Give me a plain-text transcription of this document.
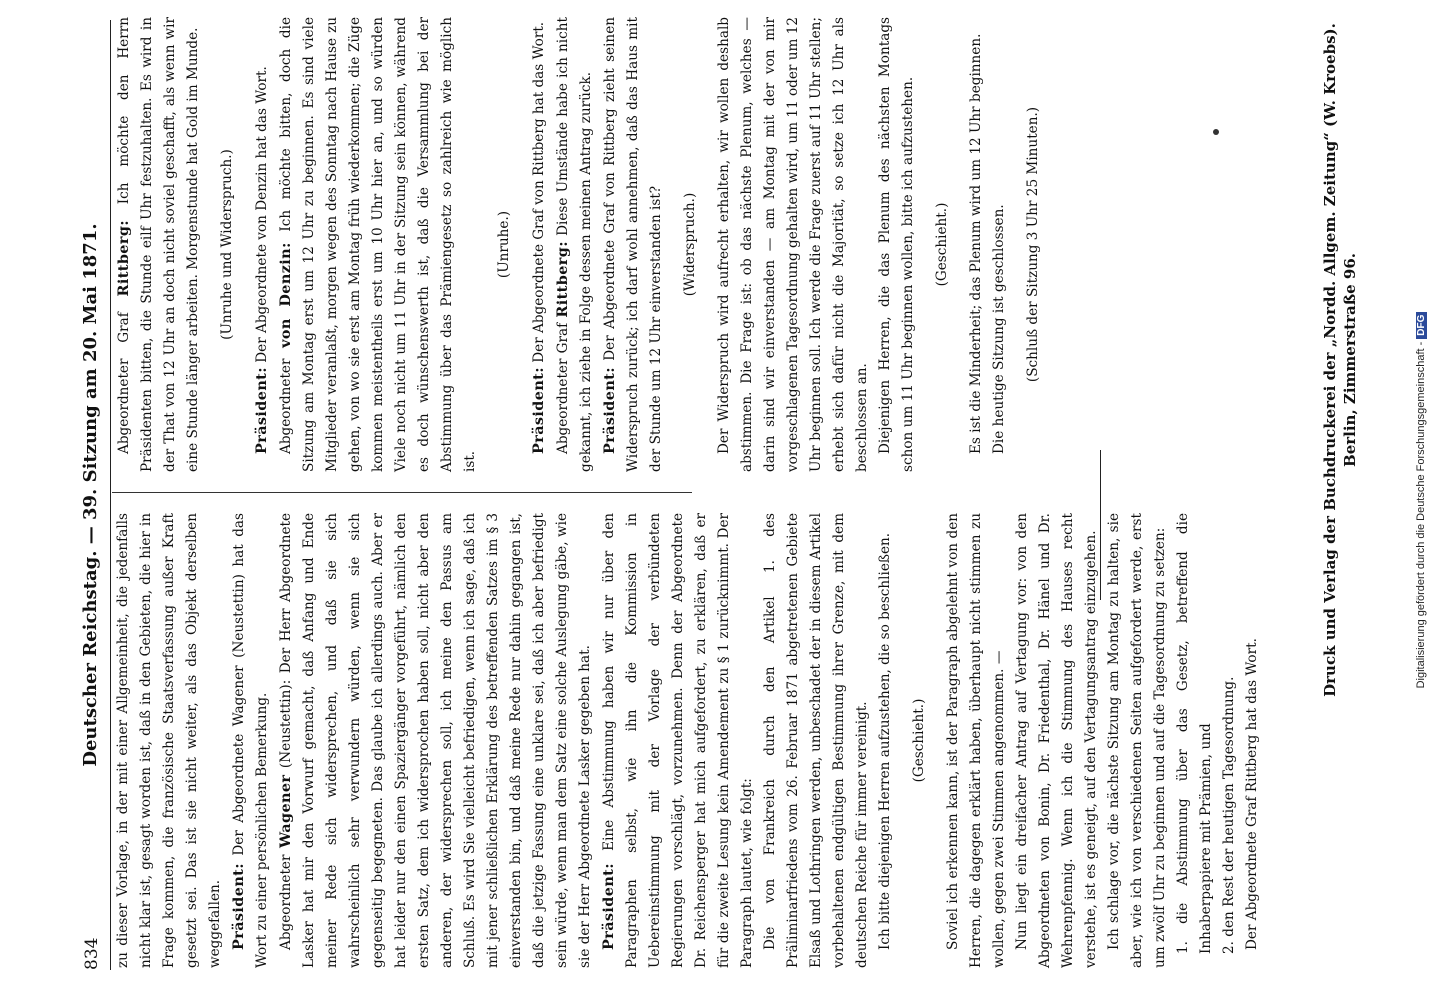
834
Deutscher Reichstag. — 39. Sitzung am 20. Mai 1871. zu dieser Vorlage, in der mit einer Allgemeinheit, die jedenfalls nicht klar ist, gesagt worden ist, daß in den Gebieten, die hier in Frage kommen, die französische Staatsverfassung außer Kraft gesetzt sei. Das ist sie nicht weiter, als das Objekt derselben weggefallen. Präsident: Der Abgeordnete Wagener (Neustettin) hat das Wort zu einer persönlichen Bemerkung. Abgeordneter Wagener (Neustettin): Der Herr Abgeordnete Lasker hat mir den Vorwurf gemacht, daß Anfang und Ende meiner Rede sich widersprechen, und daß sie sich wahrscheinlich sehr verwundern würden, wenn sie sich gegenseitig begegneten. Das glaube ich allerdings auch. Aber er hat leider nur den einen Spaziergänger vorgeführt, nämlich den ersten Satz, dem ich widersprochen haben soll, nicht aber den anderen, der widersprechen soll, ich meine den Passus am Schluß. Es wird Sie vielleicht befriedigen, wenn ich sage, daß ich mit jener schließlichen Erklärung des betreffenden Satzes im § 3 einverstanden bin, und daß meine Rede nur dahin gegangen ist, daß die jetzige Fassung eine unklare sei, daß ich aber befriedigt sein würde, wenn man dem Satz eine solche Auslegung gäbe, wie sie der Herr Abgeordnete Lasker gegeben hat. Präsident: Eine Abstimmung haben wir nur über den Paragraphen selbst, wie ihn die Kommission in Uebereinstimmung mit der Vorlage der verbündeten Regierungen vorschlägt, vorzunehmen. Denn der Abgeordnete Dr. Reichensperger hat mich aufgefordert, zu erklären, daß er für die zweite Lesung kein Amendement zu § 1 zurücknimmt. Der Paragraph lautet, wie folgt: Die von Frankreich durch den Artikel 1. des Präliminarfriedens vom 26. Februar 1871 abgetretenen Gebiete Elsaß und Lothringen werden, unbeschadet der in diesem Artikel vorbehaltenen endgültigen Bestimmung ihrer Grenze, mit dem deutschen Reiche für immer vereinigt. Ich bitte diejenigen Herren aufzustehen, die so beschließen. (Geschieht.) Soviel ich erkennen kann, ist der Paragraph abgelehnt von den Herren, die dagegen erklärt haben, überhaupt nicht stimmen zu wollen, gegen zwei Stimmen angenommen. — Nun liegt ein dreifacher Antrag auf Vertagung vor: von den Abgeordneten von Bonin, Dr. Friedenthal, Dr. Hänel und Dr. Wehrenpfennig. Wenn ich die Stimmung des Hauses recht verstehe, ist es geneigt, auf den Vertagungsantrag einzugehen. Ich schlage vor, die nächste Sitzung am Montag zu halten, sie aber, wie ich von verschiedenen Seiten aufgefordert werde, erst um zwölf Uhr zu beginnen und auf die Tagesordnung zu setzen: 1. die Abstimmung über das Gesetz, betreffend die Inhaberpapiere mit Prämien, und 2. den Rest der heutigen Tagesordnung. Der Abgeordnete Graf Rittberg hat das Wort.

Abgeordneter Graf Rittberg: Ich möchte den Herrn Präsidenten bitten, die Stunde eilf Uhr festzuhalten. Es wird in der That von 12 Uhr an doch nicht soviel geschafft, als wenn wir eine Stunde länger arbeiten. Morgenstunde hat Gold im Munde. (Unruhe und Widerspruch.)

Präsident: Der Abgeordnete von Denzin hat das Wort.

Abgeordneter von Denzin: Ich möchte bitten, doch die Sitzung am Montag erst um 12 Uhr zu beginnen. Es sind viele Mitglieder veranlaßt, morgen wegen des Sonntag nach Hause zu gehen, von wo sie erst am Montag früh wiederkommen; die Züge kommen meistentheils erst um 10 Uhr hier an, und so würden Viele noch nicht um 11 Uhr in der Sitzung sein können, während es doch wünschenswerth ist, daß die Versammlung bei der Abstimmung über das Prämiengesetz so zahlreich wie möglich ist.

(Unruhe.)

Präsident: Der Abgeordnete Graf von Rittberg hat das Wort.

Abgeordneter Graf Rittberg: Diese Umstände habe ich nicht gekannt, ich ziehe in Folge dessen meinen Antrag zurück. Präsident: Der Abgeordnete Graf von Rittberg zieht seinen Widerspruch zurück; ich darf wohl annehmen, daß das Haus mit der Stunde um 12 Uhr einverstanden ist? (Widerspruch.) Der Widerspruch wird aufrecht erhalten, wir wollen deshalb abstimmen. Die Frage ist: ob das nächste Plenum, welches — darin sind wir einverstanden — am Montag mit der von mir vorgeschlagenen Tagesordnung gehalten wird, um 11 oder um 12 Uhr beginnen soll. Ich werde die Frage zuerst auf 11 Uhr stellen; erhebt sich dafür nicht die Majorität, so setze ich 12 Uhr als beschlossen an. Diejenigen Herren, die das Plenum des nächsten Montags schon um 11 Uhr beginnen wollen, bitte ich aufzustehen. (Geschieht.) Es ist die Minderheit; das Plenum wird um 12 Uhr beginnen. Die heutige Sitzung ist geschlossen. (Schluß der Sitzung 3 Uhr 25 Minuten.)	Druck und Verlag der Buchdruckerei der „Nordd. Allgem. Zeitung“ (W. Kroebs). Berlin, Zimmerstraße 96.	Digitalisierung gefördert durch die Deutsche Forschungsgemeinschaft -DFG
